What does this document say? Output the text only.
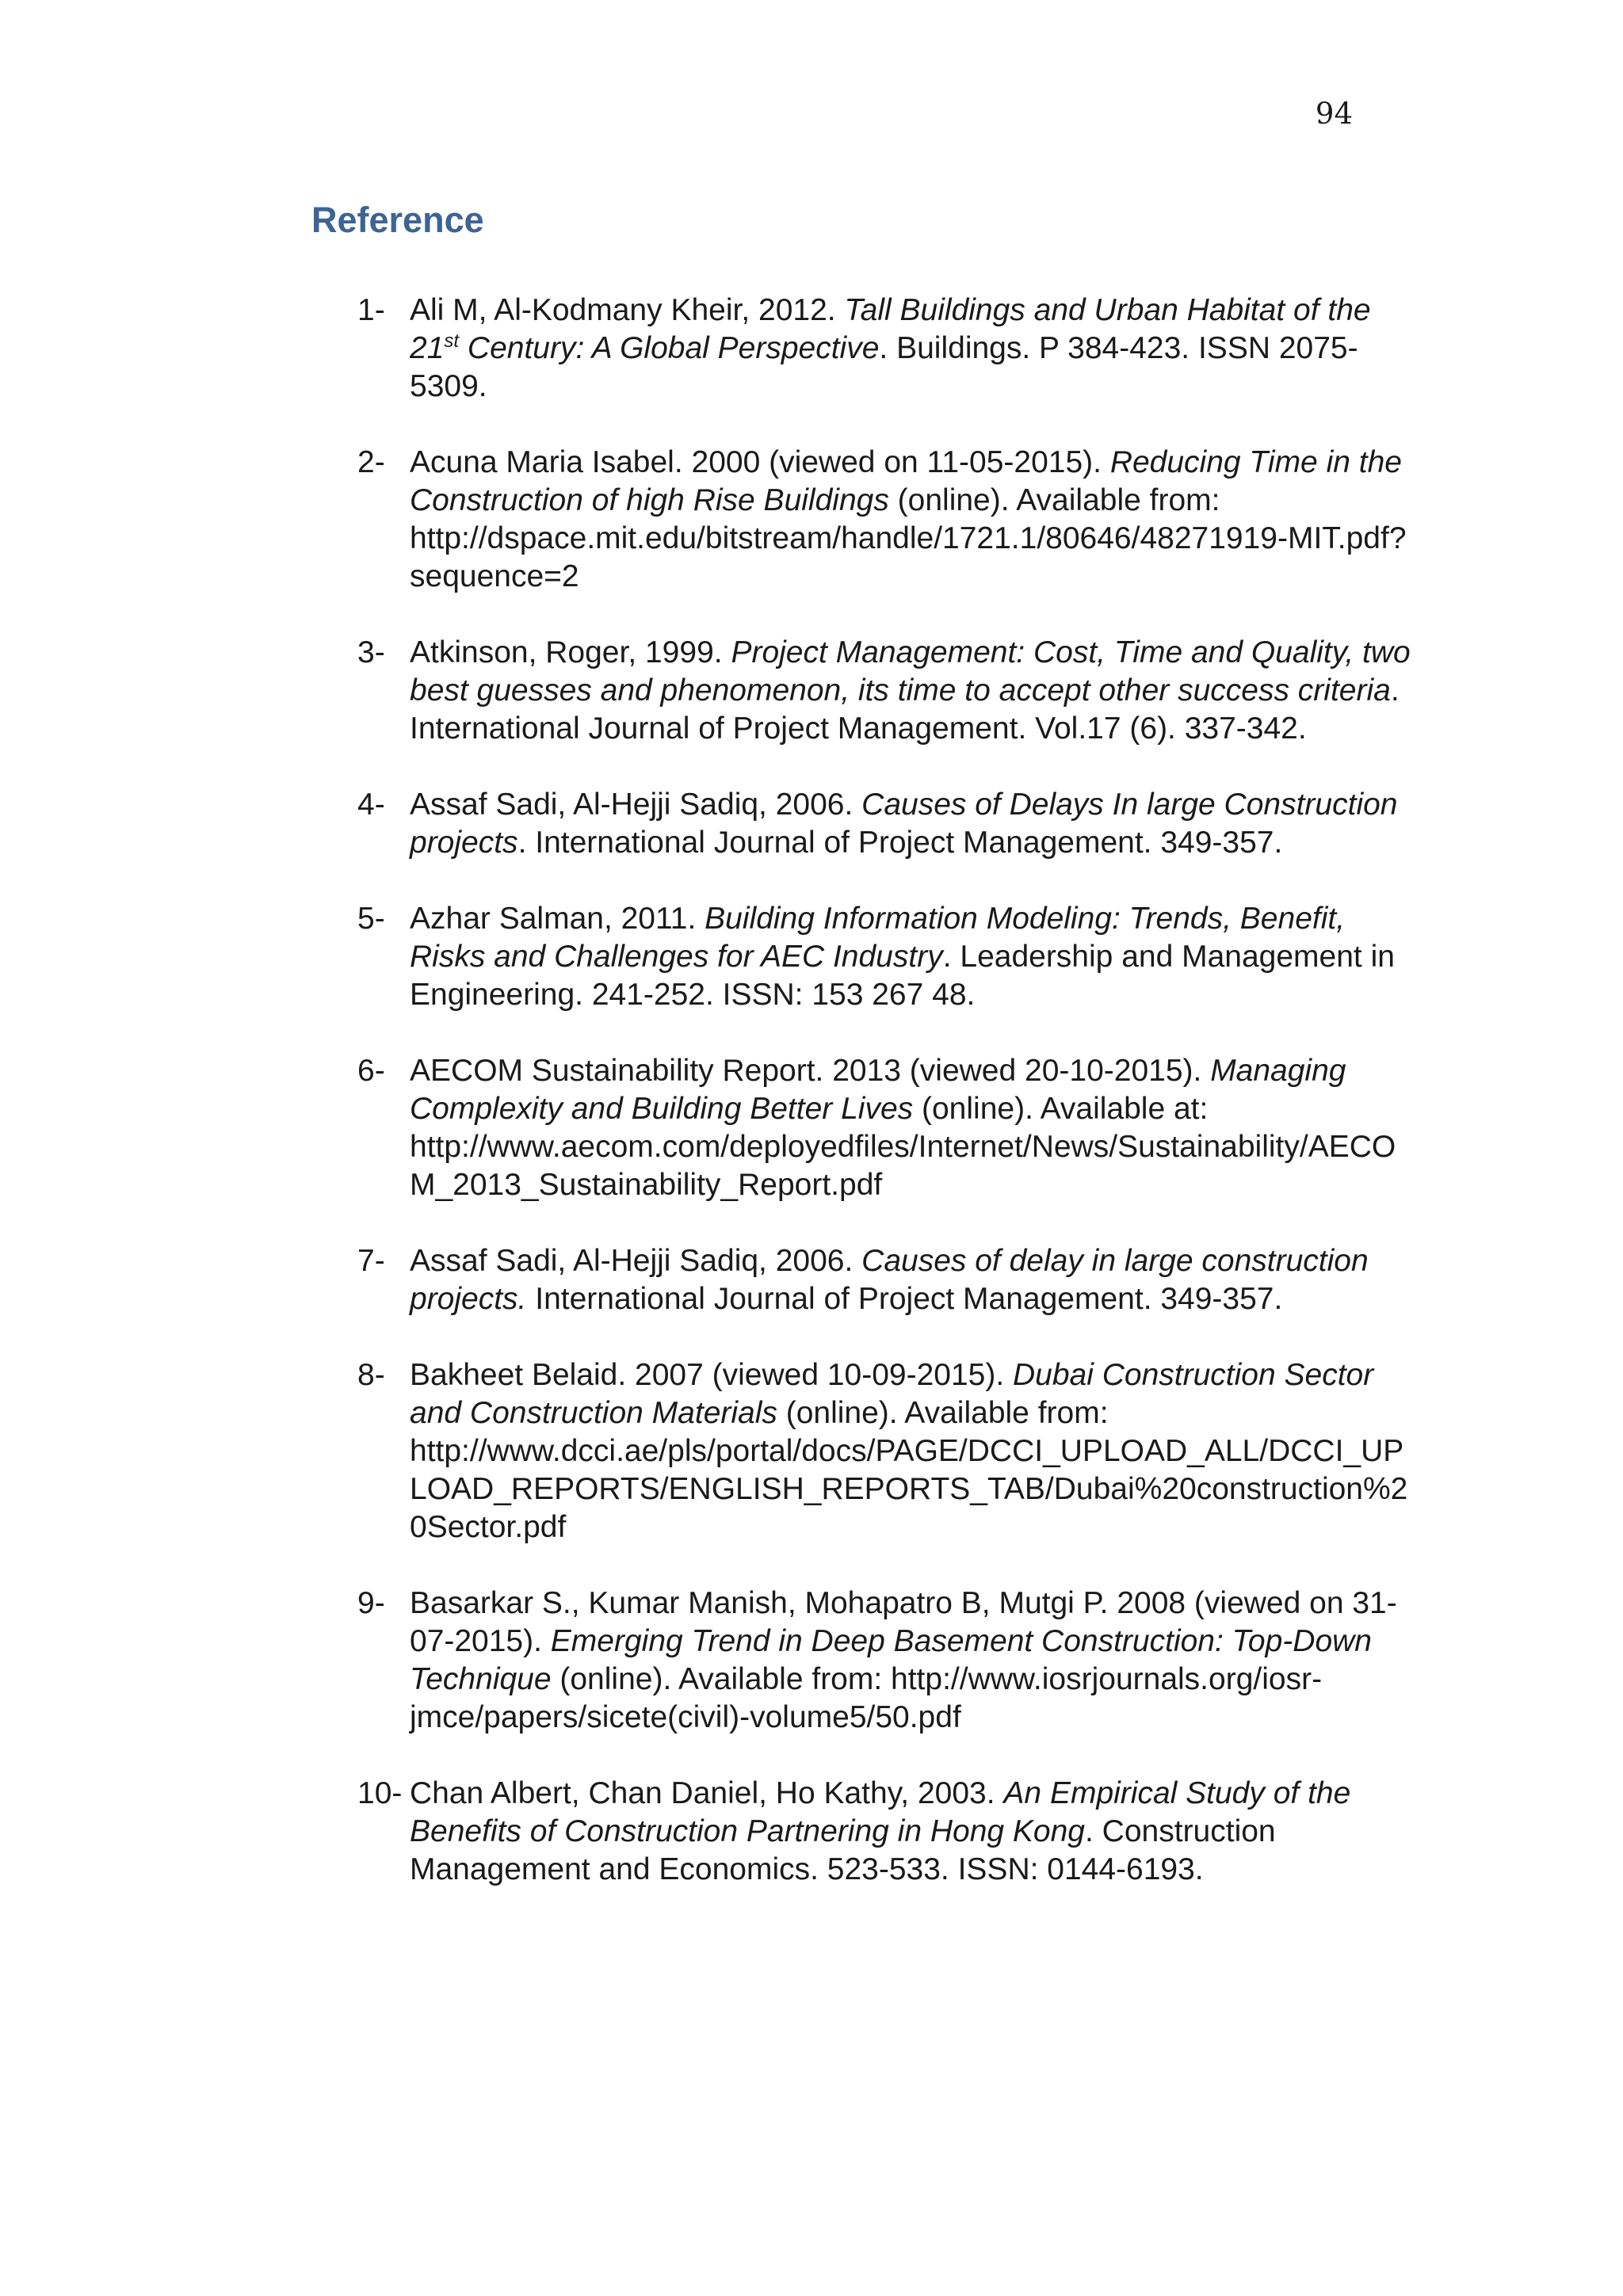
94
Reference
1- Ali M, Al-Kodmany Kheir, 2012. Tall Buildings and Urban Habitat of the 21st Century: A Global Perspective. Buildings. P 384-423. ISSN 2075-5309.
2- Acuna Maria Isabel. 2000 (viewed on 11-05-2015). Reducing Time in the Construction of high Rise Buildings (online). Available from: http://dspace.mit.edu/bitstream/handle/1721.1/80646/48271919-MIT.pdf?sequence=2
3- Atkinson, Roger, 1999. Project Management: Cost, Time and Quality, two best guesses and phenomenon, its time to accept other success criteria. International Journal of Project Management. Vol.17 (6). 337-342.
4- Assaf Sadi, Al-Hejji Sadiq, 2006. Causes of Delays In large Construction projects. International Journal of Project Management. 349-357.
5- Azhar Salman, 2011. Building Information Modeling: Trends, Benefit, Risks and Challenges for AEC Industry. Leadership and Management in Engineering. 241-252. ISSN: 153 267 48.
6- AECOM Sustainability Report. 2013 (viewed 20-10-2015). Managing Complexity and Building Better Lives (online). Available at: http://www.aecom.com/deployedfiles/Internet/News/Sustainability/AECOM_2013_Sustainability_Report.pdf
7- Assaf Sadi, Al-Hejji Sadiq, 2006. Causes of delay in large construction projects. International Journal of Project Management. 349-357.
8- Bakheet Belaid. 2007 (viewed 10-09-2015). Dubai Construction Sector and Construction Materials (online). Available from: http://www.dcci.ae/pls/portal/docs/PAGE/DCCI_UPLOAD_ALL/DCCI_UPLOAD_REPORTS/ENGLISH_REPORTS_TAB/Dubai%20construction%20Sector.pdf
9- Basarkar S., Kumar Manish, Mohapatro B, Mutgi P. 2008 (viewed on 31-07-2015). Emerging Trend in Deep Basement Construction: Top-Down Technique (online). Available from: http://www.iosrjournals.org/iosr-jmce/papers/sicete(civil)-volume5/50.pdf
10- Chan Albert, Chan Daniel, Ho Kathy, 2003. An Empirical Study of the Benefits of Construction Partnering in Hong Kong. Construction Management and Economics. 523-533. ISSN: 0144-6193.
